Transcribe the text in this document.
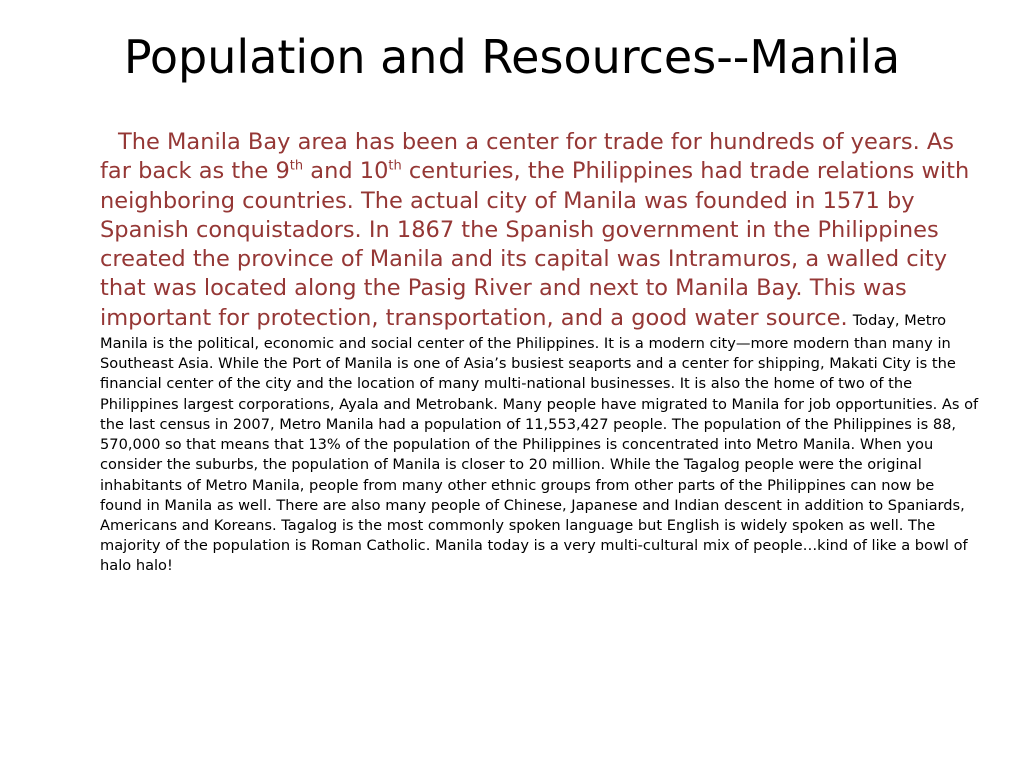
Population and Resources--Manila
The Manila Bay area has been a center for trade for hundreds of years. As far back as the 9th and 10th centuries, the Philippines had trade relations with neighboring countries. The actual city of Manila was founded in 1571 by Spanish conquistadors. In 1867 the Spanish government in the Philippines created the province of Manila and its capital was Intramuros, a walled city that was located along the Pasig River and next to Manila Bay. This was important for protection, transportation, and a good water source. Today, Metro Manila is the political, economic and social center of the Philippines. It is a modern city—more modern than many in Southeast Asia. While the Port of Manila is one of Asia’s busiest seaports and a center for shipping, Makati City is the financial center of the city and the location of many multi-national businesses. It is also the home of two of the Philippines largest corporations, Ayala and Metrobank. Many people have migrated to Manila for job opportunities. As of the last census in 2007, Metro Manila had a population of 11,553,427 people. The population of the Philippines is 88, 570,000 so that means that 13% of the population of the Philippines is concentrated into Metro Manila. When you consider the suburbs, the population of Manila is closer to 20 million. While the Tagalog people were the original inhabitants of Metro Manila, people from many other ethnic groups from other parts of the Philippines can now be found in Manila as well. There are also many people of Chinese, Japanese and Indian descent in addition to Spaniards, Americans and Koreans. Tagalog is the most commonly spoken language but English is widely spoken as well. The majority of the population is Roman Catholic. Manila today is a very multi-cultural mix of people…kind of like a bowl of halo halo!
